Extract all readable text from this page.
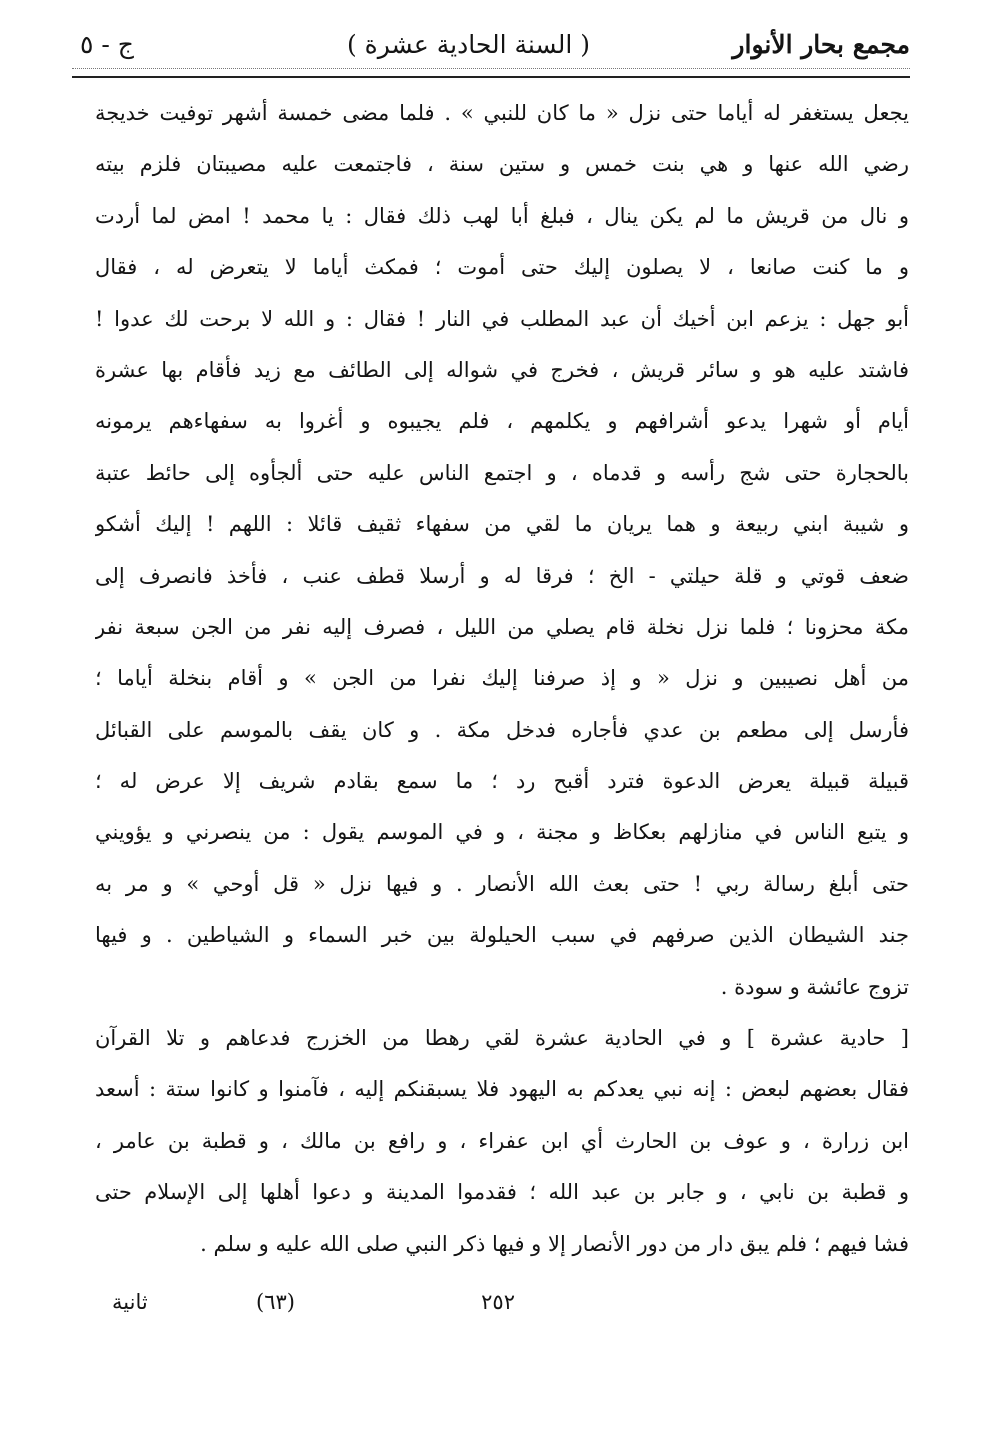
مجمع بحار الأنوار
( السنة الحادية عشرة )
ج - ٥
يجعل يستغفر له أياما حتى نزل « ما كان للنبي » . فلما مضى خمسة أشهر توفيت خديجة
رضي الله عنها و هي بنت خمس و ستين سنة ، فاجتمعت عليه مصيبتان فلزم بيته
و نال من قريش ما لم يكن ينال ، فبلغ أبا لهب ذلك فقال : يا محمد ! امض لما أردت
و ما كنت صانعا ، لا يصلون إليك حتى أموت ؛ فمكث أياما لا يتعرض له ، فقال
أبو جهل : يزعم ابن أخيك أن عبد المطلب في النار ! فقال : و الله لا برحت لك عدوا !
فاشتد عليه هو و سائر قريش ، فخرج في شواله إلى الطائف مع زيد فأقام بها عشرة
أيام أو شهرا يدعو أشرافهم و يكلمهم ، فلم يجيبوه و أغروا به سفهاءهم يرمونه
بالحجارة حتى شج رأسه و قدماه ، و اجتمع الناس عليه حتى ألجأوه إلى حائط عتبة
و شيبة ابني ربيعة و هما يريان ما لقي من سفهاء ثقيف قائلا : اللهم ! إليك أشكو
ضعف قوتي و قلة حيلتي - الخ ؛ فرقا له و أرسلا قطف عنب ، فأخذ فانصرف إلى
مكة محزونا ؛ فلما نزل نخلة قام يصلي من الليل ، فصرف إليه نفر من الجن سبعة نفر
من أهل نصيبين و نزل « و إذ صرفنا إليك نفرا من الجن » و أقام بنخلة أياما ؛
فأرسل إلى مطعم بن عدي فأجاره فدخل مكة . و كان يقف بالموسم على القبائل
قبيلة قبيلة يعرض الدعوة فترد أقبح رد ؛ ما سمع بقادم شريف إلا عرض له ؛
و يتبع الناس في منازلهم بعكاظ و مجنة ، و في الموسم يقول : من ينصرني و يؤويني
حتى أبلغ رسالة ربي ! حتى بعث الله الأنصار . و فيها نزل « قل أوحي » و مر به
جند الشيطان الذين صرفهم في سبب الحيلولة بين خبر السماء و الشياطين . و فيها
تزوج عائشة و سودة .
[ حادية عشرة ] و في الحادية عشرة لقي رهطا من الخزرج فدعاهم و تلا القرآن
فقال بعضهم لبعض : إنه نبي يعدكم به اليهود فلا يسبقنكم إليه ، فآمنوا و كانوا ستة : أسعد
ابن زرارة ، و عوف بن الحارث أي ابن عفراء ، و رافع بن مالك ، و قطبة بن عامر ،
و قطبة بن نابي ، و جابر بن عبد الله ؛ فقدموا المدينة و دعوا أهلها إلى الإسلام حتى
فشا فيهم ؛ فلم يبق دار من دور الأنصار إلا و فيها ذكر النبي صلى الله عليه و سلم .
٢٥٢
(٦٣)
ثانية
